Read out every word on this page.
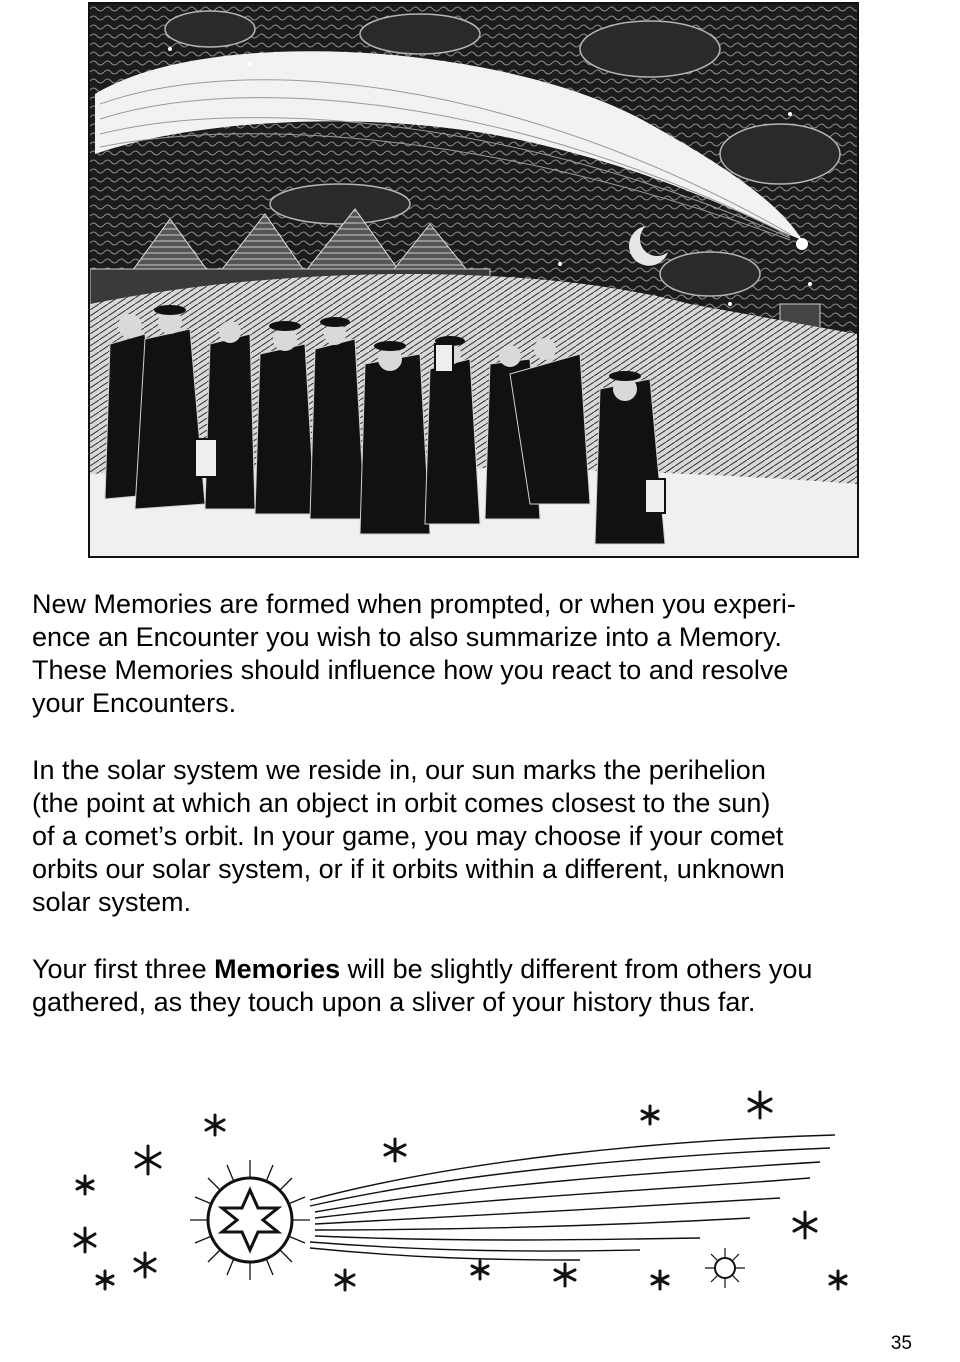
New Memories are formed when prompted, or when you experi-
ence an Encounter you wish to also summarize into a Memory.
These Memories should influence how you react to and resolve
your Encounters.

In the solar system we reside in, our sun marks the perihelion
(the point at which an object in orbit comes closest to the sun)
of a comet’s orbit. In your game, you may choose if your comet
orbits our solar system, or if it orbits within a different, unknown
solar system.

Your first three Memories will be slightly different from others you
gathered, as they touch upon a sliver of your history thus far.

35
